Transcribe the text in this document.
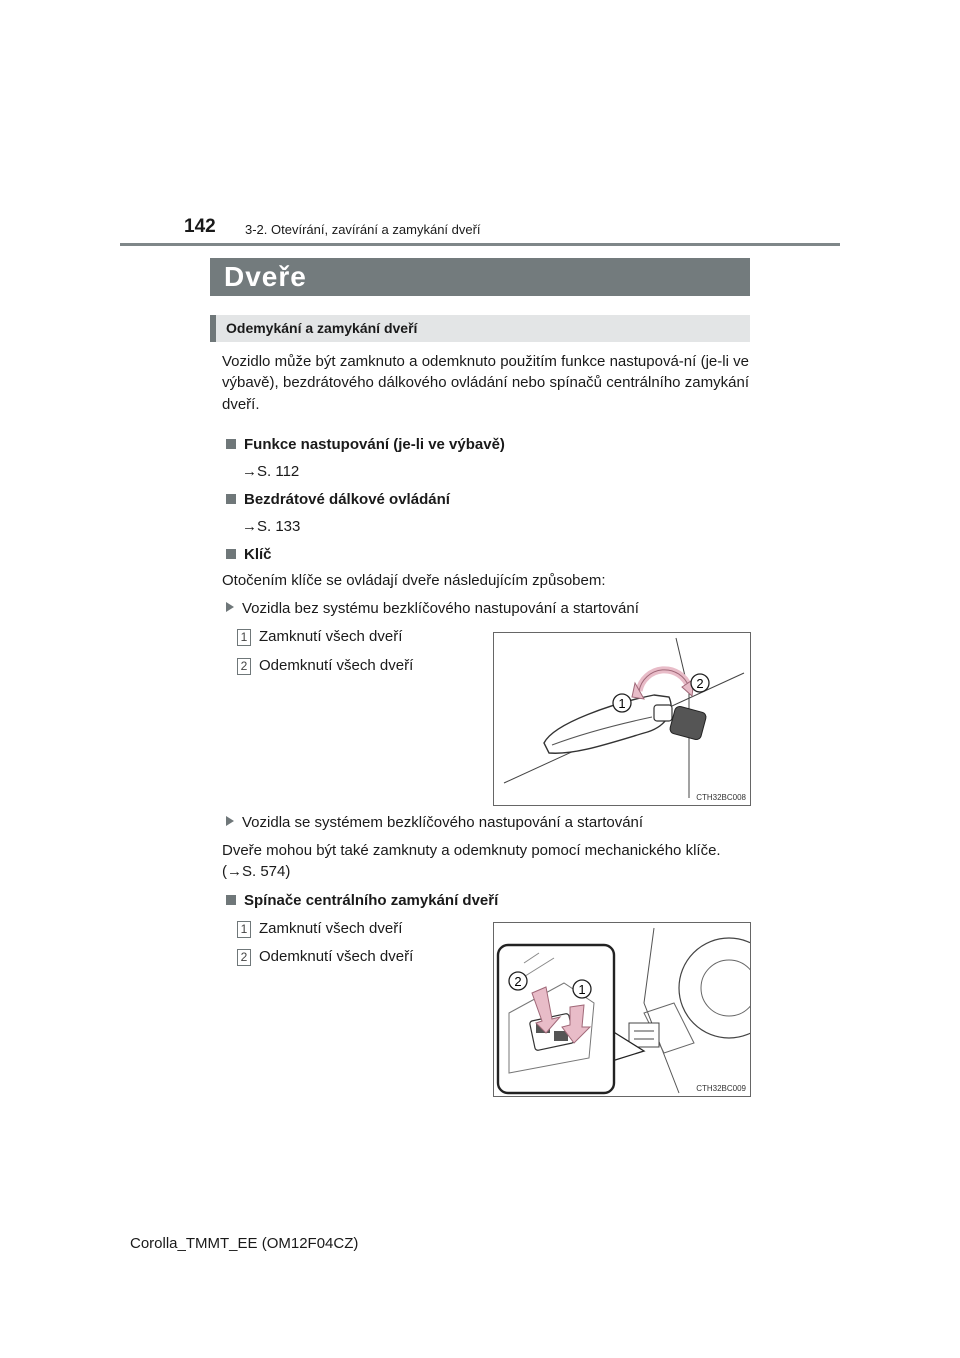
142 3-2. Otevírání, zavírání a zamykání dveří
Dveře
Odemykání a zamykání dveří
Vozidlo může být zamknuto a odemknuto použitím funkce nastupová-ní (je-li ve výbavě), bezdrátového dálkového ovládání nebo spínačů centrálního zamykání dveří.
Funkce nastupování (je-li ve výbavě)
→S. 112
Bezdrátové dálkové ovládání
→S. 133
Klíč
Otočením klíče se ovládají dveře následujícím způsobem:
Vozidla bez systému bezklíčového nastupování a startování
1 Zamknutí všech dveří
2 Odemknutí všech dveří
1
2
CTH32BC008
Vozidla se systémem bezklíčového nastupování a startování
Dveře mohou být také zamknuty a odemknuty pomocí mechanického klíče. (→S. 574)
Spínače centrálního zamykání dveří
1 Zamknutí všech dveří
2 Odemknutí všech dveří
2
1
CTH32BC009
Corolla_TMMT_EE (OM12F04CZ)
